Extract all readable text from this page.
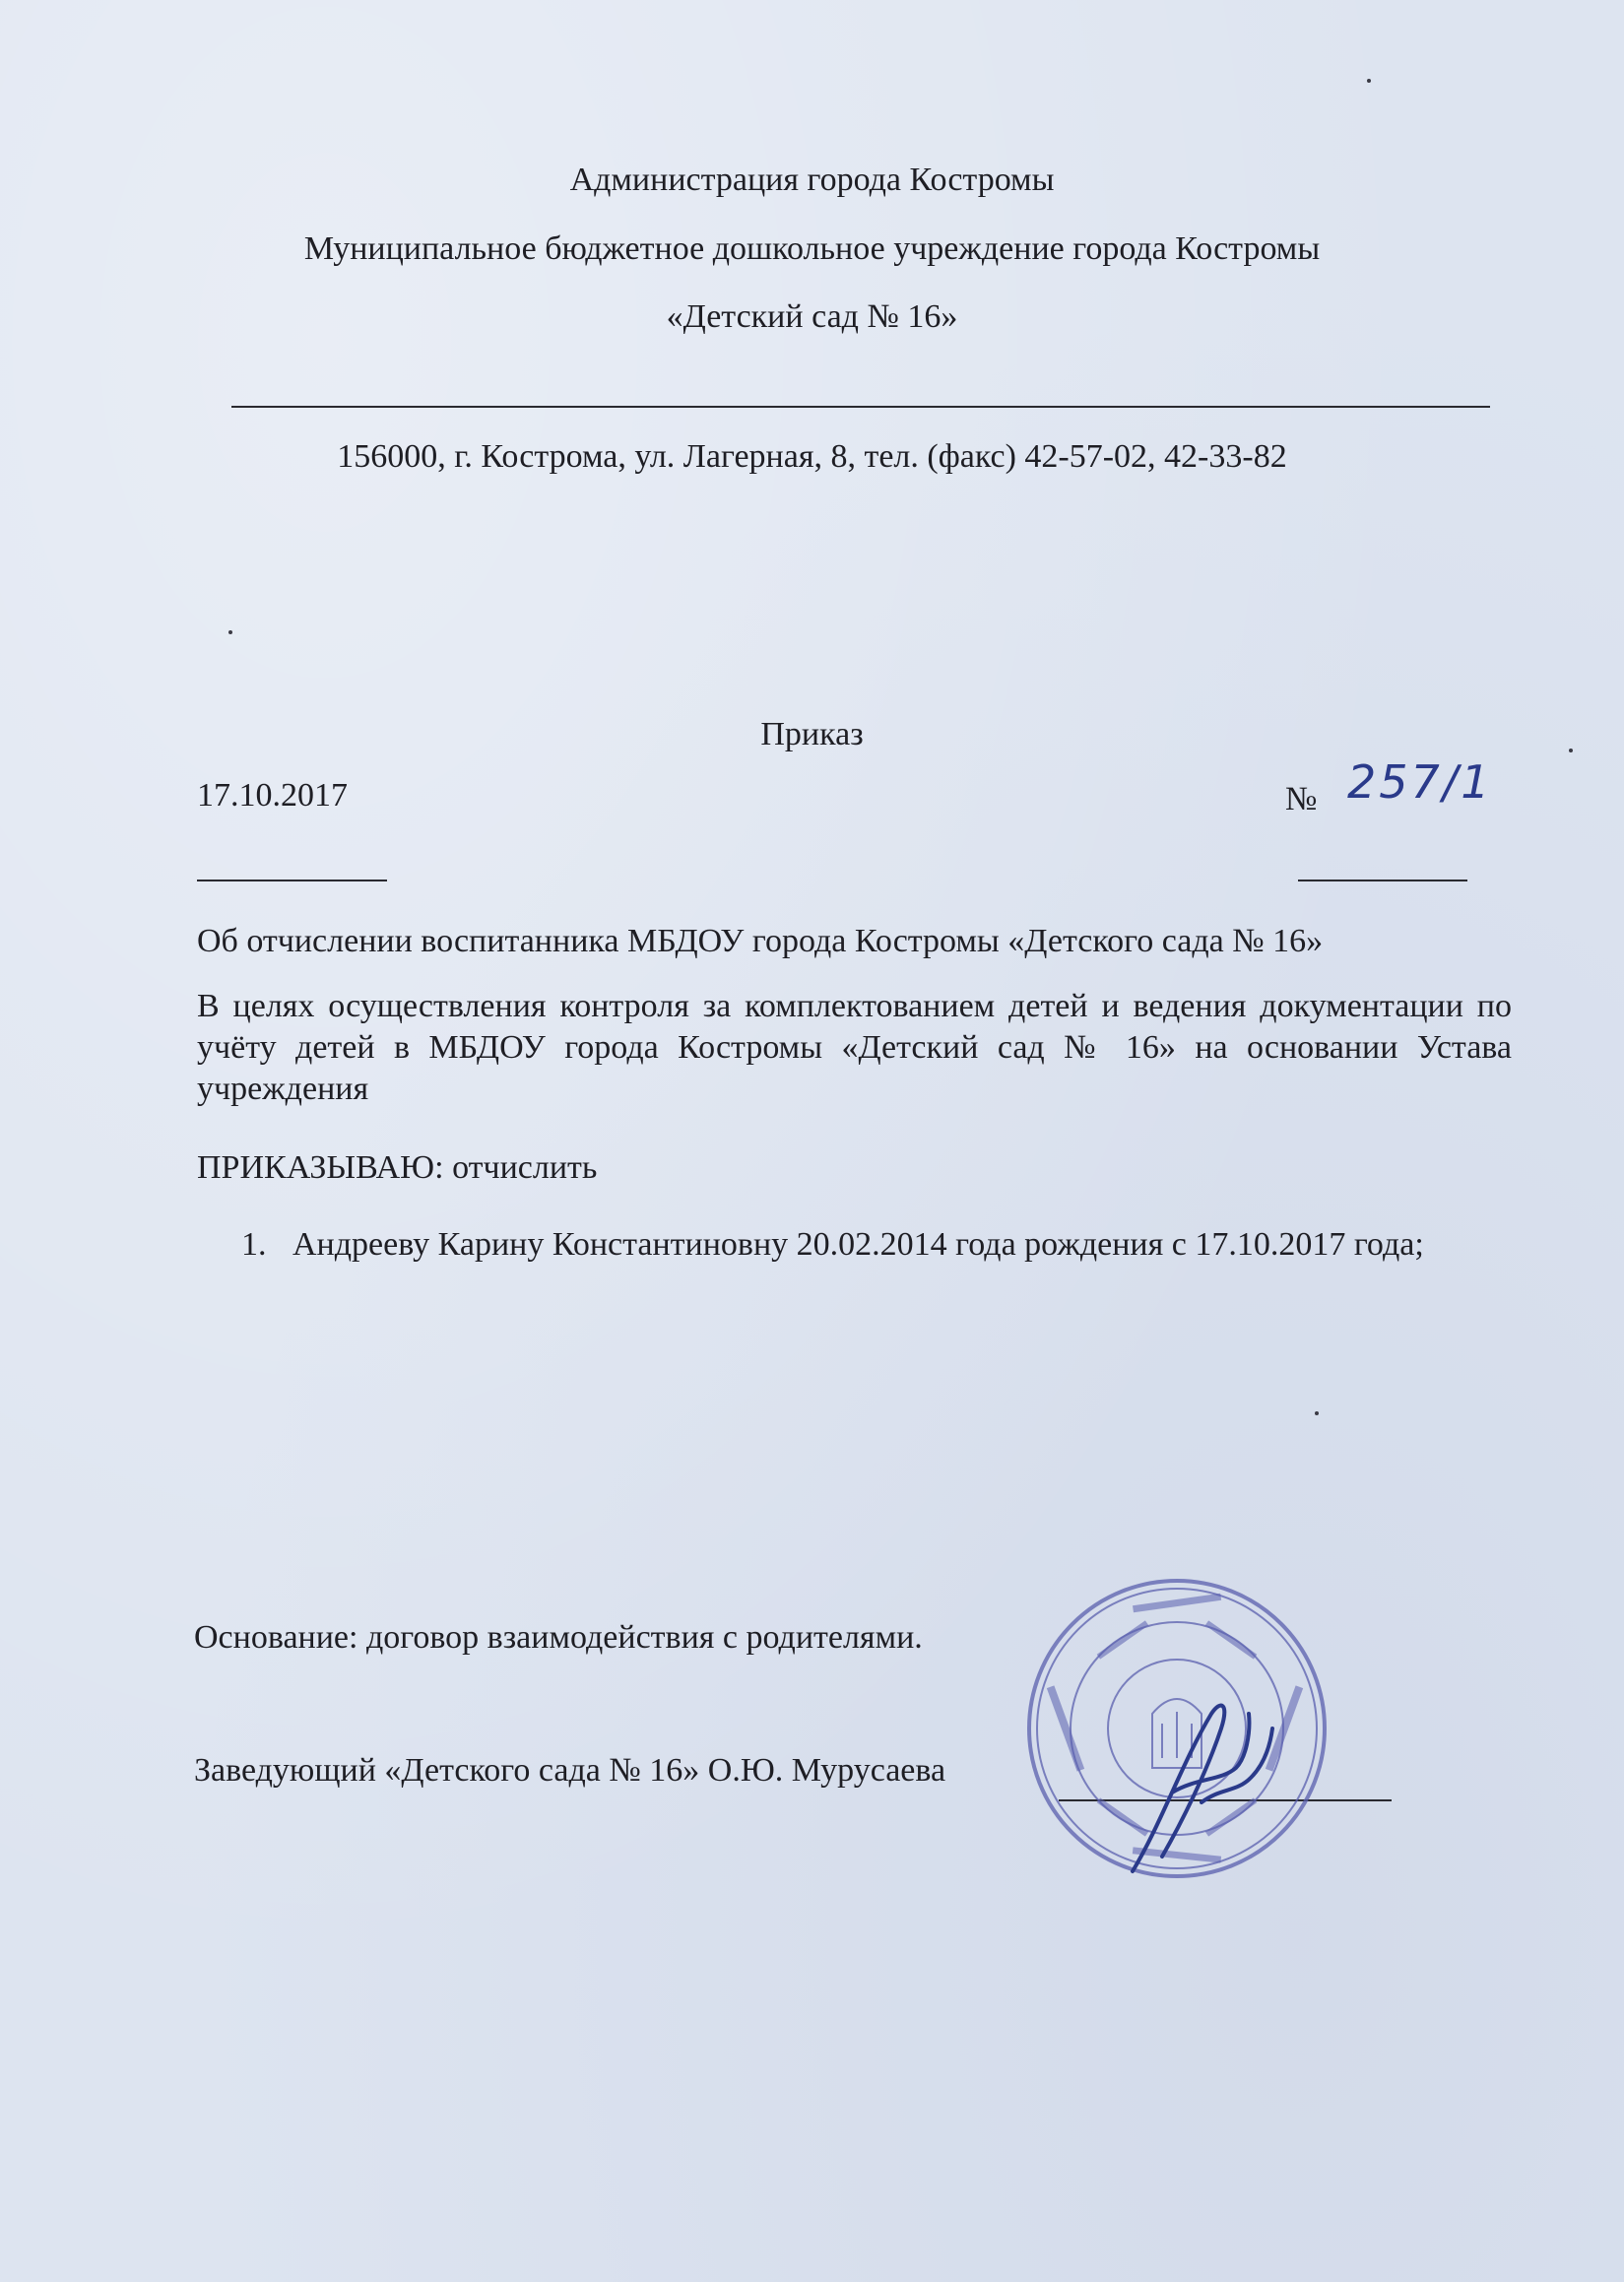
Администрация города Костромы
Муниципальное бюджетное дошкольное учреждение города Костромы
«Детский сад № 16»
156000, г. Кострома, ул. Лагерная, 8, тел. (факс) 42-57-02, 42-33-82
Приказ
17.10.2017	№ 257/1
Об отчислении воспитанника МБДОУ города Костромы «Детского сада № 16»
В целях осуществления контроля за комплектованием детей и ведения документации по учёту детей в МБДОУ города Костромы «Детский сад № 16» на основании Устава учреждения
ПРИКАЗЫВАЮ: отчислить
1. Андрееву Карину Константиновну 20.02.2014 года рождения с 17.10.2017 года;
Основание: договор взаимодействия с родителями.
Заведующий «Детского сада № 16» О.Ю. Мурусаева
